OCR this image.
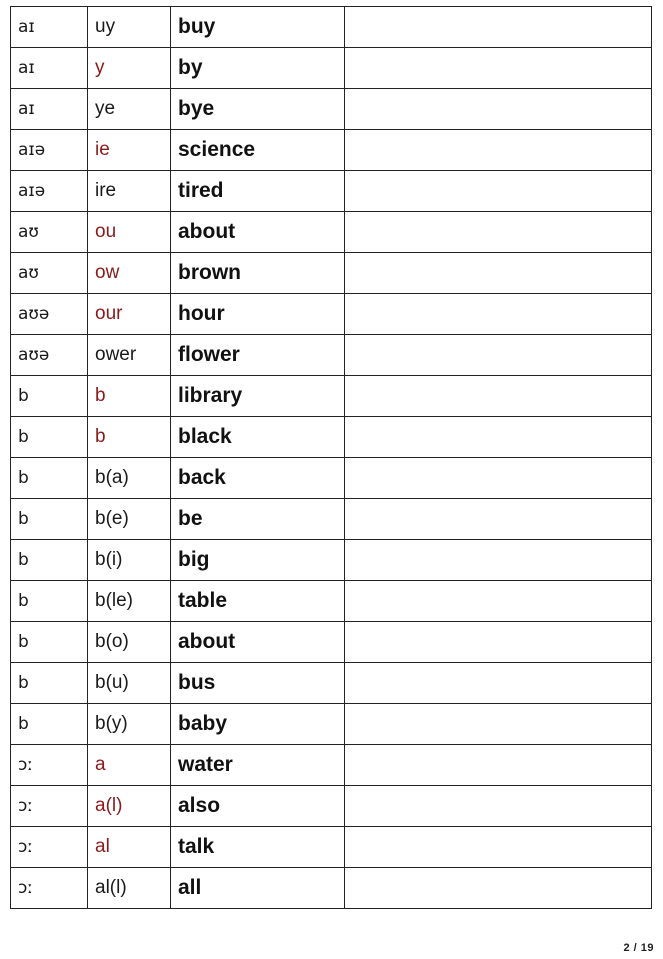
aɪ	uy	buy	
aɪ	y	by	
aɪ	ye	bye	
aɪə	ie	science	
aɪə	ire	tired	
aʊ	ou	about	
aʊ	ow	brown	
aʊə	our	hour	
aʊə	ower	flower	
b	b	library	
b	b	black	
b	b(a)	back	
b	b(e)	be	
b	b(i)	big	
b	b(le)	table	
b	b(o)	about	
b	b(u)	bus	
b	b(y)	baby	
ɔː	a	water	
ɔː	a(l)	also	
ɔː	al	talk	
ɔː	al(l)	all	
2 / 19
